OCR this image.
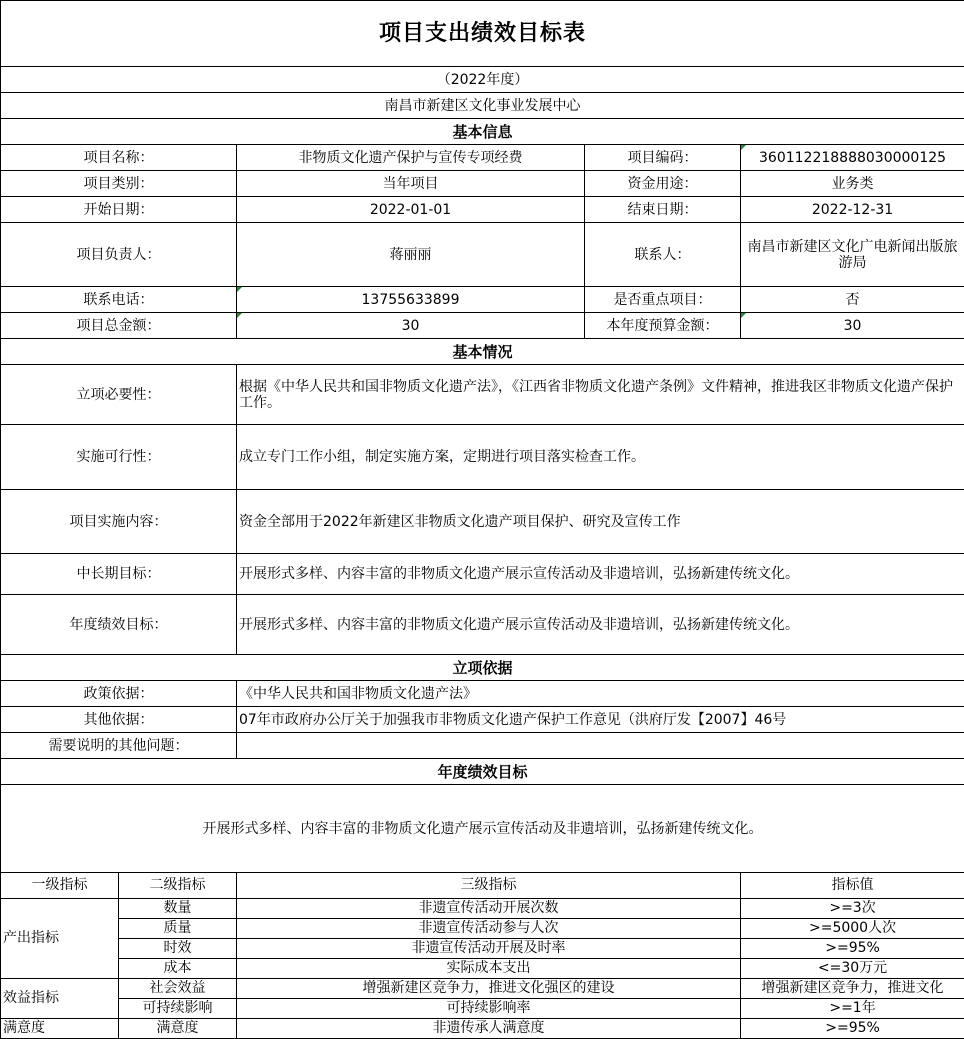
项目支出绩效目标表				
（2022年度）				
南昌市新建区文化事业发展中心				
基本信息				
项目名称：		非物质文化遗产保护与宣传专项经费	项目编码：	360112218888030000125
项目类别：		当年项目	资金用途：	业务类
开始日期：		2022-01-01	结束日期：	2022-12-31
项目负责人：		蒋丽丽	联系人：	南昌市新建区文化广电新闻出版旅游局
联系电话：		13755633899	是否重点项目：	否
项目总金额：		30	本年度预算金额：	30
基本情况				
立项必要性：		根据《中华人民共和国非物质文化遗产法》，《江西省非物质文化遗产条例》文件精神，推进我区非物质文化遗产保护工作。		
实施可行性：		成立专门工作小组，制定实施方案，定期进行项目落实检查工作。		
项目实施内容：		资金全部用于2022年新建区非物质文化遗产项目保护、研究及宣传工作		
中长期目标：		开展形式多样、内容丰富的非物质文化遗产展示宣传活动及非遗培训，弘扬新建传统文化。		
年度绩效目标：		开展形式多样、内容丰富的非物质文化遗产展示宣传活动及非遗培训，弘扬新建传统文化。		
立项依据				
政策依据：		《中华人民共和国非物质文化遗产法》		
其他依据：		07年市政府办公厅关于加强我市非物质文化遗产保护工作意见（洪府厅发【2007】46号		
需要说明的其他问题：				
年度绩效目标				
开展形式多样、内容丰富的非物质文化遗产展示宣传活动及非遗培训，弘扬新建传统文化。				
一级指标	二级指标	三级指标		指标值
产出指标	数量	非遗宣传活动开展次数		>=3次
	质量	非遗宣传活动参与人次		>=5000人次
	时效	非遗宣传活动开展及时率		>=95%
	成本	实际成本支出		<=30万元
效益指标	社会效益	增强新建区竞争力，推进文化强区的建设		增强新建区竞争力，推进文化
	可持续影响	可持续影响率		>=1年
满意度	满意度	非遗传承人满意度		>=95%
